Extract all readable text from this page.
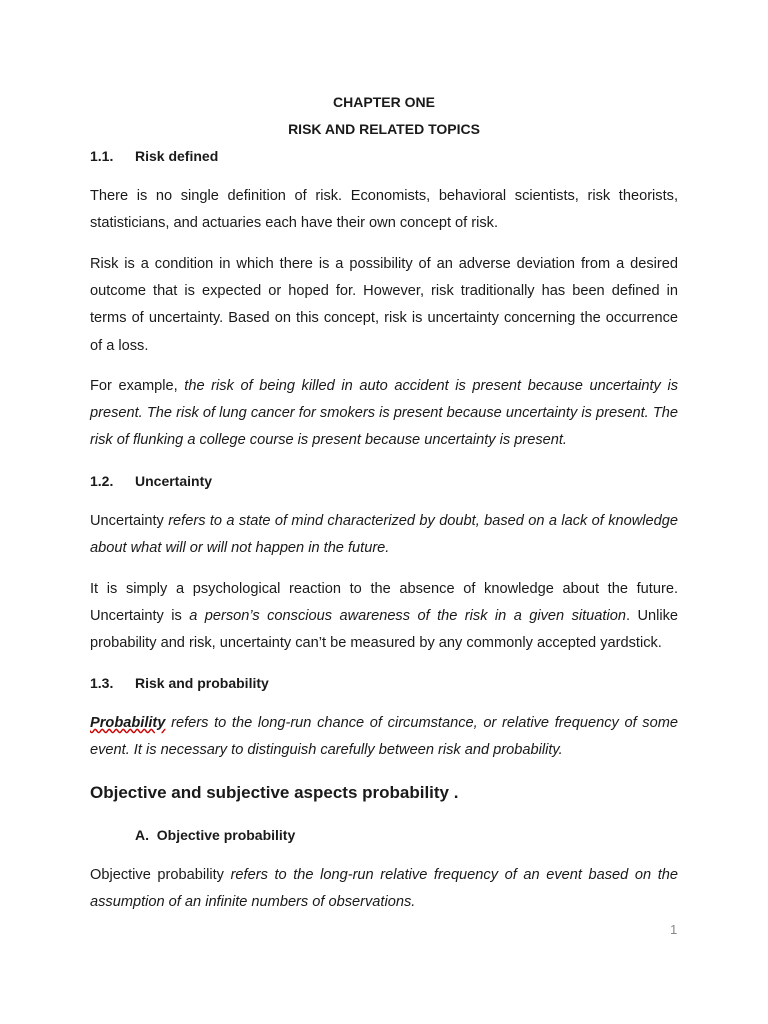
CHAPTER ONE
RISK AND RELATED TOPICS
1.1. Risk defined

There is no single definition of risk. Economists, behavioral scientists, risk theorists, statisticians, and actuaries each have their own concept of risk.

Risk is a condition in which there is a possibility of an adverse deviation from a desired outcome that is expected or hoped for. However, risk traditionally has been defined in terms of uncertainty. Based on this concept, risk is uncertainty concerning the occurrence of a loss.

For example, the risk of being killed in auto accident is present because uncertainty is present. The risk of lung cancer for smokers is present because uncertainty is present. The risk of flunking a college course is present because uncertainty is present.

1.2. Uncertainty

Uncertainty refers to a state of mind characterized by doubt, based on a lack of knowledge about what will or will not happen in the future.

It is simply a psychological reaction to the absence of knowledge about the future. Uncertainty is a person’s conscious awareness of the risk in a given situation. Unlike probability and risk, uncertainty can’t be measured by any commonly accepted yardstick.

1.3. Risk and probability

Probability refers to the long-run chance of circumstance, or relative frequency of some event. It is necessary to distinguish carefully between risk and probability.

Objective and subjective aspects probability .
A. Objective probability

Objective probability refers to the long-run relative frequency of an event based on the assumption of an infinite numbers of observations.

1
